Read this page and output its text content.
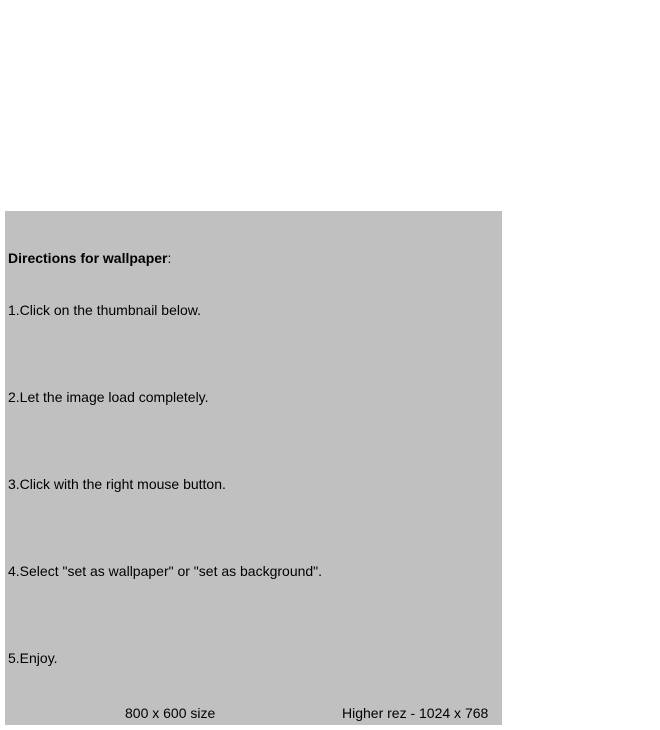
Directions for wallpaper:
1.Click on the thumbnail below.
2.Let the image load completely.
3.Click with the right mouse button.
4.Select "set as wallpaper" or "set as background".
5.Enjoy.
800 x 600 size	Higher rez - 1024 x 768
